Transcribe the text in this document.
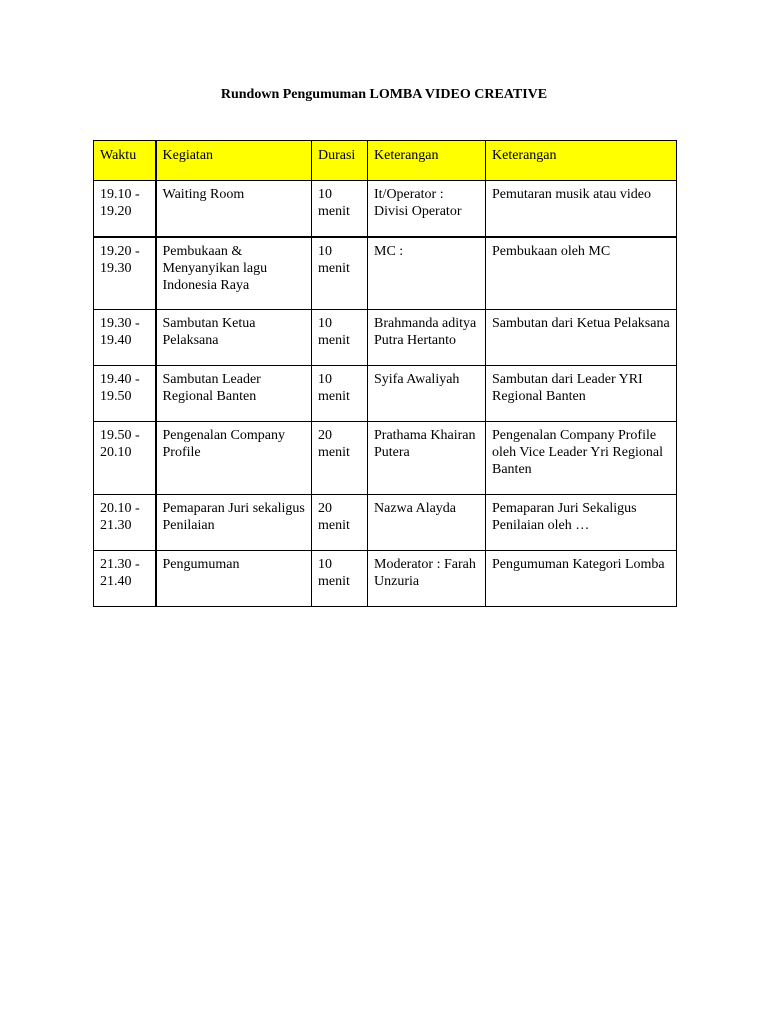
Rundown Pengumuman LOMBA VIDEO CREATIVE
Waktu	Kegiatan	Durasi	Keterangan	Keterangan
19.10 - 19.20	Waiting Room	10 menit	It/Operator : Divisi Operator	Pemutaran musik atau video
19.20 - 19.30	Pembukaan & Menyanyikan lagu Indonesia Raya	10 menit	MC :	Pembukaan oleh MC
19.30 - 19.40	Sambutan Ketua Pelaksana	10 menit	Brahmanda aditya Putra Hertanto	Sambutan dari Ketua Pelaksana
19.40 - 19.50	Sambutan Leader Regional Banten	10 menit	Syifa Awaliyah	Sambutan dari Leader YRI Regional Banten
19.50 - 20.10	Pengenalan Company Profile	20 menit	Prathama Khairan Putera	Pengenalan Company Profile oleh Vice Leader Yri Regional Banten
20.10 - 21.30	Pemaparan Juri sekaligus Penilaian	20 menit	Nazwa Alayda	Pemaparan Juri Sekaligus Penilaian oleh …
21.30 - 21.40	Pengumuman	10 menit	Moderator : Farah Unzuria	Pengumuman Kategori Lomba
